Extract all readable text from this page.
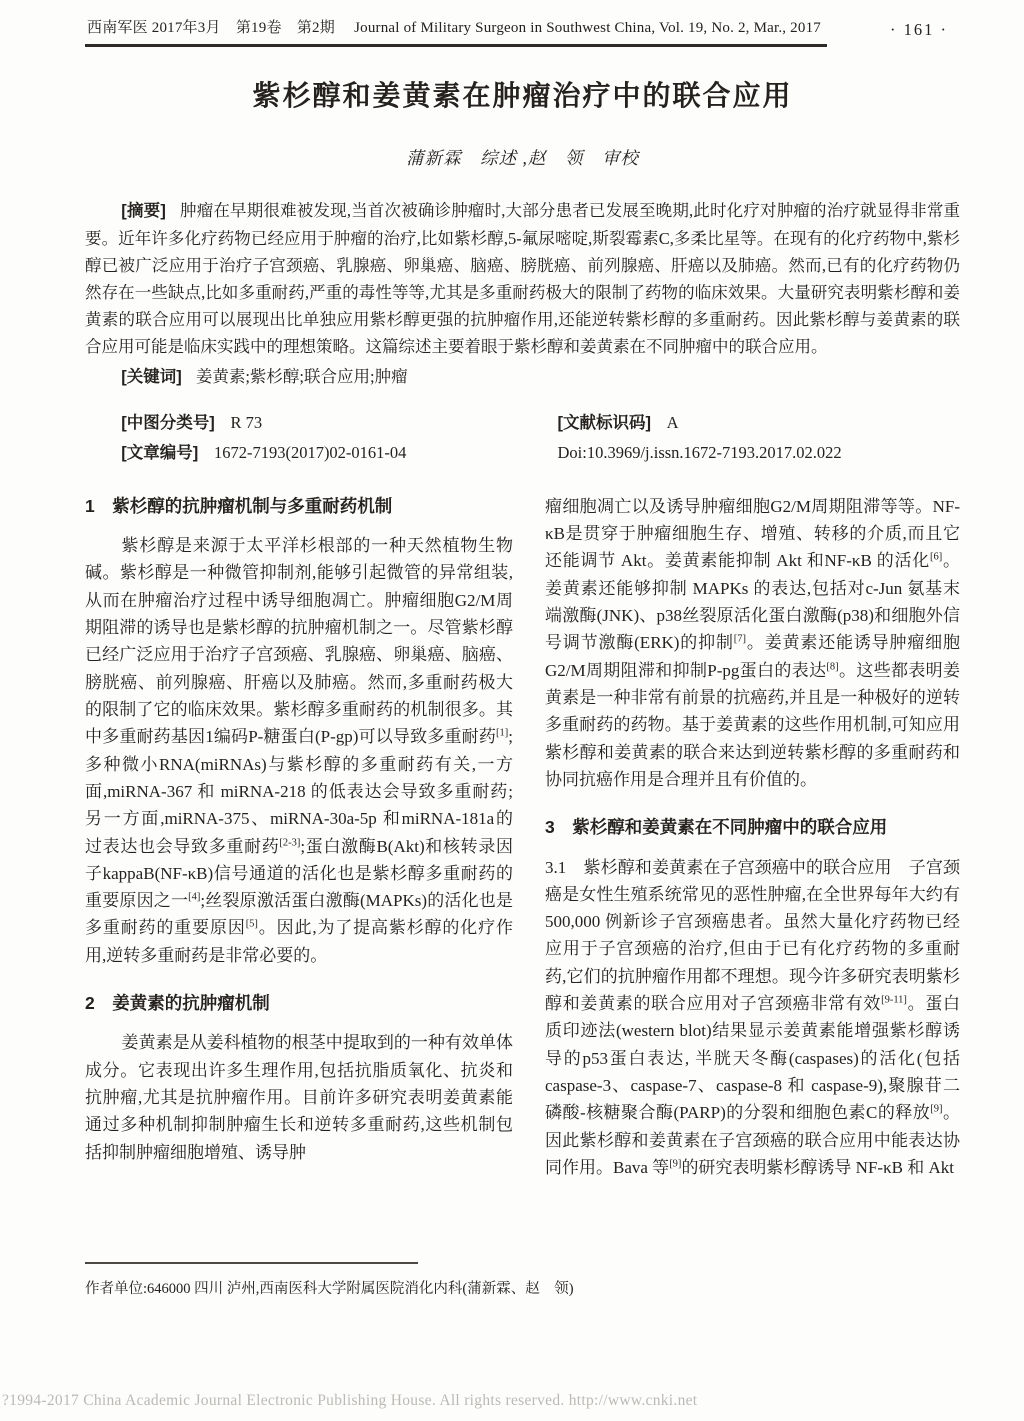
西南军医 2017年3月　第19卷　第2期　 Journal of Military Surgeon in Southwest China, Vol. 19, No. 2, Mar., 2017	· 161 ·
紫杉醇和姜黄素在肿瘤治疗中的联合应用
蒲新霖　综述 ,赵　领　审校

[摘要] 肿瘤在早期很难被发现,当首次被确诊肿瘤时,大部分患者已发展至晚期,此时化疗对肿瘤的治疗就显得非常重要。近年许多化疗药物已经应用于肿瘤的治疗,比如紫杉醇,5-氟尿嘧啶,斯裂霉素C,多柔比星等。在现有的化疗药物中,紫杉醇已被广泛应用于治疗子宫颈癌、乳腺癌、卵巢癌、脑癌、膀胱癌、前列腺癌、肝癌以及肺癌。然而,已有的化疗药物仍然存在一些缺点,比如多重耐药,严重的毒性等等,尤其是多重耐药极大的限制了药物的临床效果。大量研究表明紫杉醇和姜黄素的联合应用可以展现出比单独应用紫杉醇更强的抗肿瘤作用,还能逆转紫杉醇的多重耐药。因此紫杉醇与姜黄素的联合应用可能是临床实践中的理想策略。这篇综述主要着眼于紫杉醇和姜黄素在不同肿瘤中的联合应用。

[关键词] 姜黄素;紫杉醇;联合应用;肿瘤

[中图分类号] R 73	[文献标识码] A
[文章编号] 1672-7193(2017)02-0161-04	Doi:10.3969/j.issn.1672-7193.2017.02.022
1　紫杉醇的抗肿瘤机制与多重耐药机制

紫杉醇是来源于太平洋杉根部的一种天然植物生物碱。紫杉醇是一种微管抑制剂,能够引起微管的异常组装,从而在肿瘤治疗过程中诱导细胞凋亡。肿瘤细胞G2/M周期阻滞的诱导也是紫杉醇的抗肿瘤机制之一。尽管紫杉醇已经广泛应用于治疗子宫颈癌、乳腺癌、卵巢癌、脑癌、膀胱癌、前列腺癌、肝癌以及肺癌。然而,多重耐药极大的限制了它的临床效果。紫杉醇多重耐药的机制很多。其中多重耐药基因1编码P-糖蛋白(P-gp)可以导致多重耐药[1];多种微小RNA(miRNAs)与紫杉醇的多重耐药有关,一方面,miRNA-367 和 miRNA-218 的低表达会导致多重耐药;另一方面,miRNA-375、miRNA-30a-5p 和miRNA-181a的过表达也会导致多重耐药[2-3];蛋白激酶B(Akt)和核转录因子kappaB(NF-κB)信号通道的活化也是紫杉醇多重耐药的重要原因之一[4];丝裂原激活蛋白激酶(MAPKs)的活化也是多重耐药的重要原因[5]。因此,为了提高紫杉醇的化疗作用,逆转多重耐药是非常必要的。

2　姜黄素的抗肿瘤机制

姜黄素是从姜科植物的根茎中提取到的一种有效单体成分。它表现出许多生理作用,包括抗脂质氧化、抗炎和抗肿瘤,尤其是抗肿瘤作用。目前许多研究表明姜黄素能通过多种机制抑制肿瘤生长和逆转多重耐药,这些机制包括抑制肿瘤细胞增殖、诱导肿

瘤细胞凋亡以及诱导肿瘤细胞G2/M周期阻滞等等。NF-κB是贯穿于肿瘤细胞生存、增殖、转移的介质,而且它还能调节 Akt。姜黄素能抑制 Akt 和NF-κB 的活化[6]。姜黄素还能够抑制 MAPKs 的表达,包括对c-Jun 氨基末端激酶(JNK)、p38丝裂原活化蛋白激酶(p38)和细胞外信号调节激酶(ERK)的抑制[7]。姜黄素还能诱导肿瘤细胞G2/M周期阻滞和抑制P-pg蛋白的表达[8]。这些都表明姜黄素是一种非常有前景的抗癌药,并且是一种极好的逆转多重耐药的药物。基于姜黄素的这些作用机制,可知应用紫杉醇和姜黄素的联合来达到逆转紫杉醇的多重耐药和协同抗癌作用是合理并且有价值的。

3　紫杉醇和姜黄素在不同肿瘤中的联合应用

3.1　紫杉醇和姜黄素在子宫颈癌中的联合应用　子宫颈癌是女性生殖系统常见的恶性肿瘤,在全世界每年大约有 500,000 例新诊子宫颈癌患者。虽然大量化疗药物已经应用于子宫颈癌的治疗,但由于已有化疗药物的多重耐药,它们的抗肿瘤作用都不理想。现今许多研究表明紫杉醇和姜黄素的联合应用对子宫颈癌非常有效[9-11]。蛋白质印迹法(western blot)结果显示姜黄素能增强紫杉醇诱导的p53蛋白表达, 半胱天冬酶(caspases)的活化(包括 caspase-3、caspase-7、caspase-8 和 caspase-9),聚腺苷二磷酸-核糖聚合酶(PARP)的分裂和细胞色素C的释放[9]。因此紫杉醇和姜黄素在子宫颈癌的联合应用中能表达协同作用。Bava 等[9]的研究表明紫杉醇诱导 NF-κB 和 Akt

作者单位:646000 四川 泸州,西南医科大学附属医院消化内科(蒲新霖、赵　领)
?1994-2017 China Academic Journal Electronic Publishing House. All rights reserved. http://www.cnki.net
